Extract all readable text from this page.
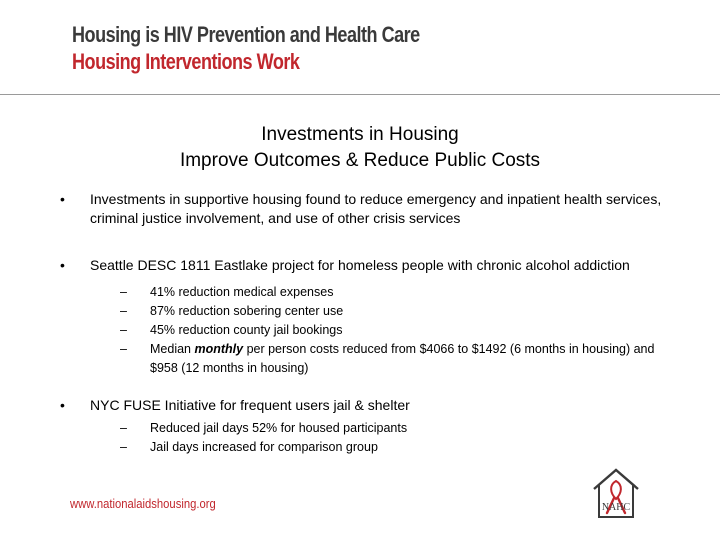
Housing is HIV Prevention and Health Care
Housing Interventions Work
Investments in Housing
Improve Outcomes & Reduce Public Costs
• Investments in supportive housing found to reduce emergency and inpatient health services, criminal justice involvement, and use of other crisis services
• Seattle DESC 1811 Eastlake project for homeless people with chronic alcohol addiction
– 41% reduction medical expenses
– 87% reduction sobering center use
– 45% reduction county jail bookings
– Median monthly per person costs reduced from $4066 to $1492 (6 months in housing) and $958 (12 months in housing)
• NYC FUSE Initiative for frequent users jail & shelter
– Reduced jail days 52% for housed participants
– Jail days increased for comparison group
www.nationalaidshousing.org	NAHC
